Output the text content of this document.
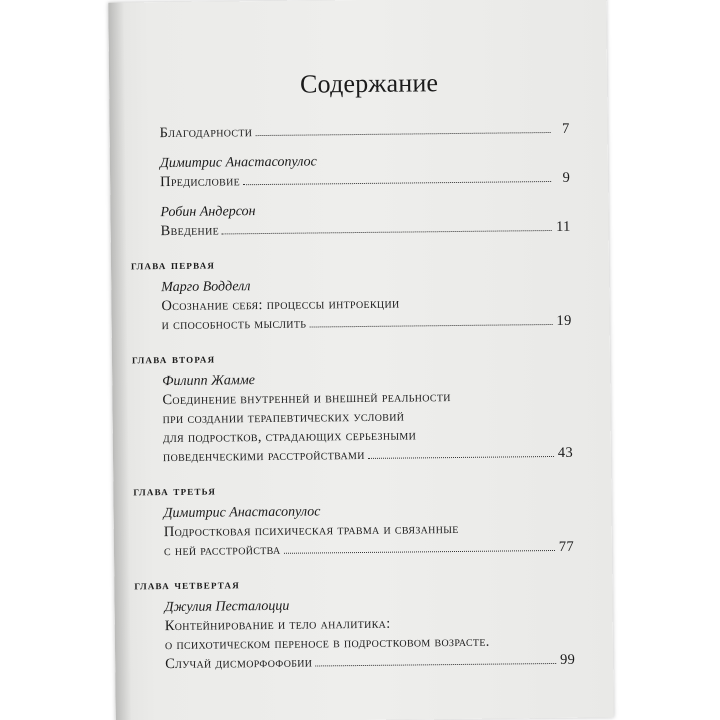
Содержание
Благодарности	7
Димитрис Анастасопулос
Предисловие	9
Робин Андерсон
Введение	11
глава первая
Марго Водделл
Осознание себя: процессы интроекции
и способность мыслить	19
глава вторая
Филипп Жамме
Соединение внутренней и внешней реальности
при создании терапевтических условий
для подростков, страдающих серьезными
поведенческими расстройствами	43
глава третья
Димитрис Анастасопулос
Подростковая психическая травма и связанные
с ней расстройства	77
глава четвертая
Джулия Песталоцци
Контейнирование и тело аналитика:
о психотическом переносе в подростковом возрасте.
Случай дисморфофобии	99
